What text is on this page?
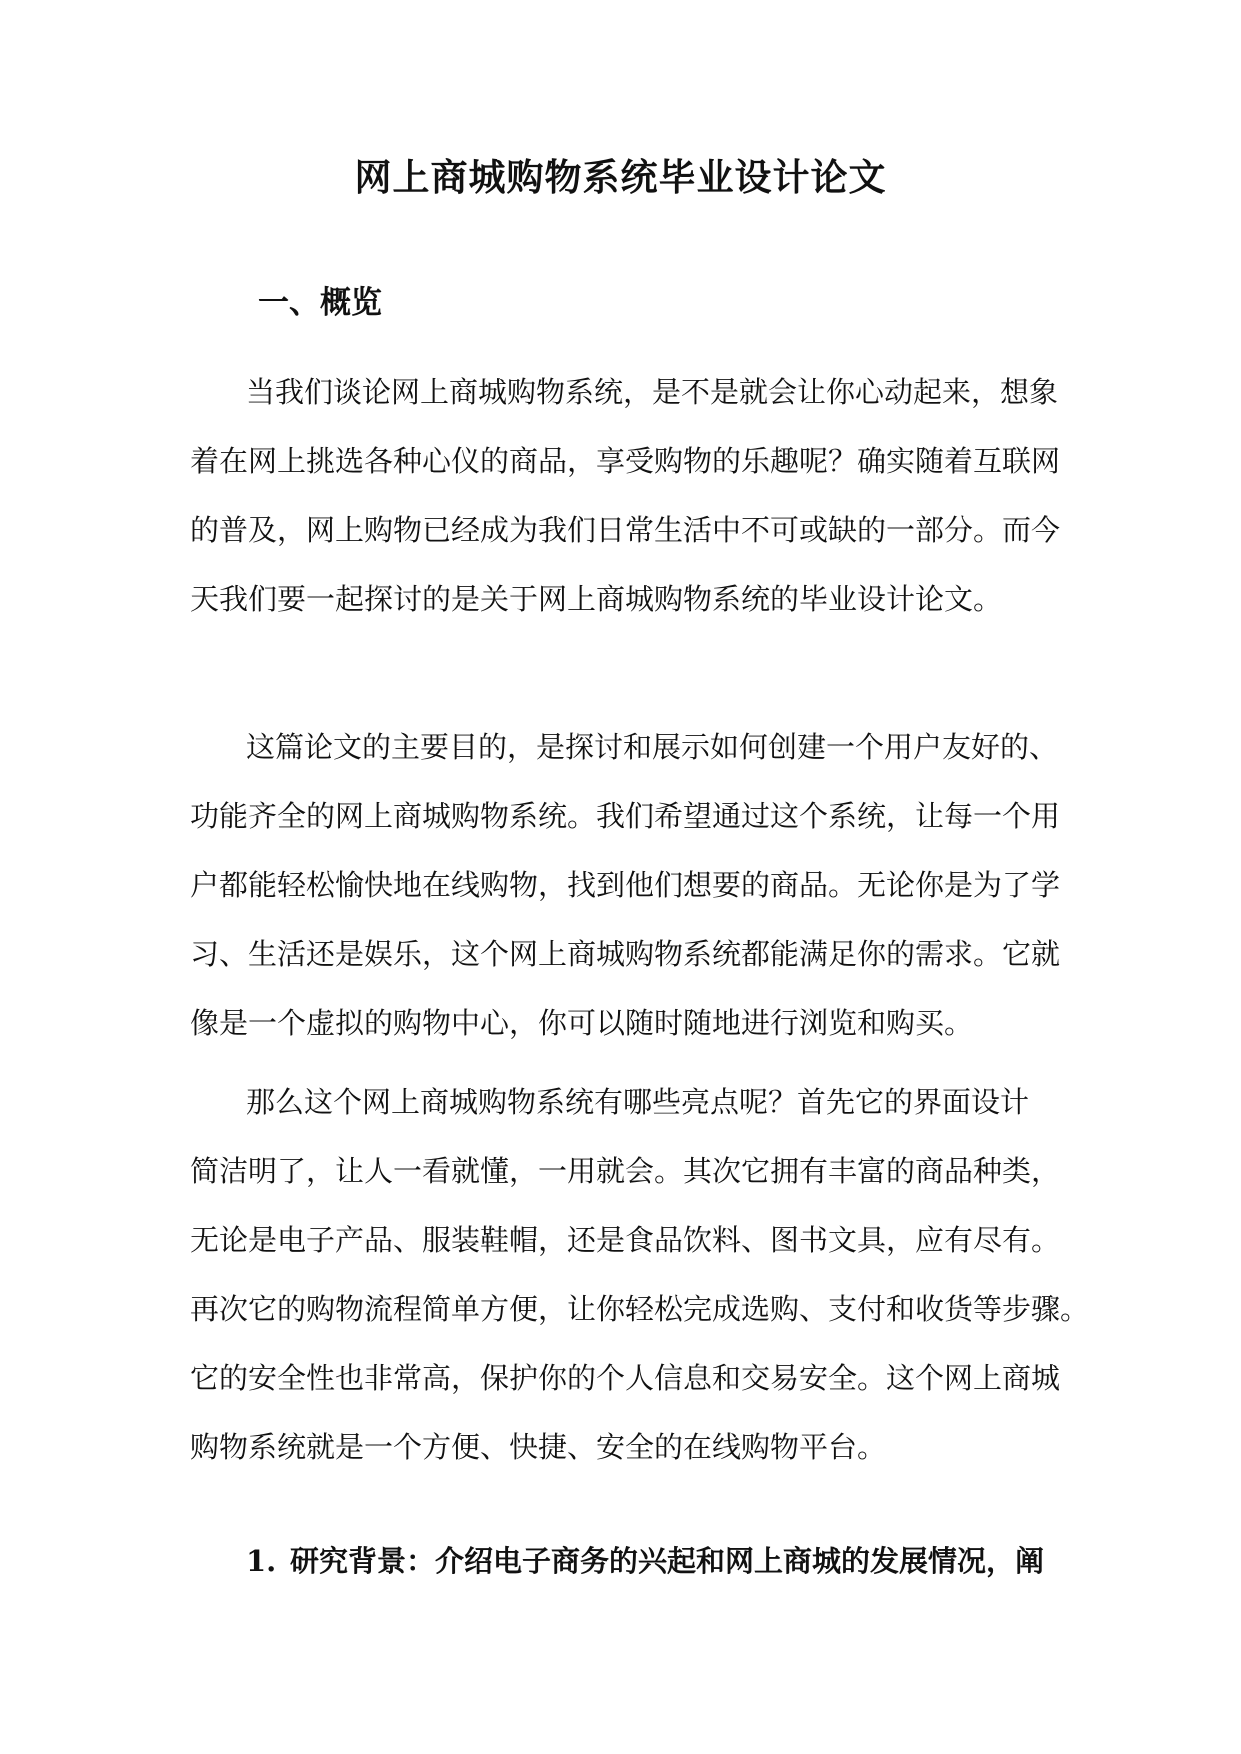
网上商城购物系统毕业设计论文
一、概览

当我们谈论网上商城购物系统，是不是就会让你心动起来，想象
着在网上挑选各种心仪的商品，享受购物的乐趣呢？确实随着互联网
的普及，网上购物已经成为我们日常生活中不可或缺的一部分。而今
天我们要一起探讨的是关于网上商城购物系统的毕业设计论文。

这篇论文的主要目的，是探讨和展示如何创建一个用户友好的、
功能齐全的网上商城购物系统。我们希望通过这个系统，让每一个用
户都能轻松愉快地在线购物，找到他们想要的商品。无论你是为了学
习、生活还是娱乐，这个网上商城购物系统都能满足你的需求。它就
像是一个虚拟的购物中心，你可以随时随地进行浏览和购买。

那么这个网上商城购物系统有哪些亮点呢？首先它的界面设计
简洁明了，让人一看就懂，一用就会。其次它拥有丰富的商品种类，
无论是电子产品、服装鞋帽，还是食品饮料、图书文具，应有尽有。
再次它的购物流程简单方便，让你轻松完成选购、支付和收货等步骤。
它的安全性也非常高，保护你的个人信息和交易安全。这个网上商城
购物系统就是一个方便、快捷、安全的在线购物平台。

1. 研究背景：介绍电子商务的兴起和网上商城的发展情况，阐
